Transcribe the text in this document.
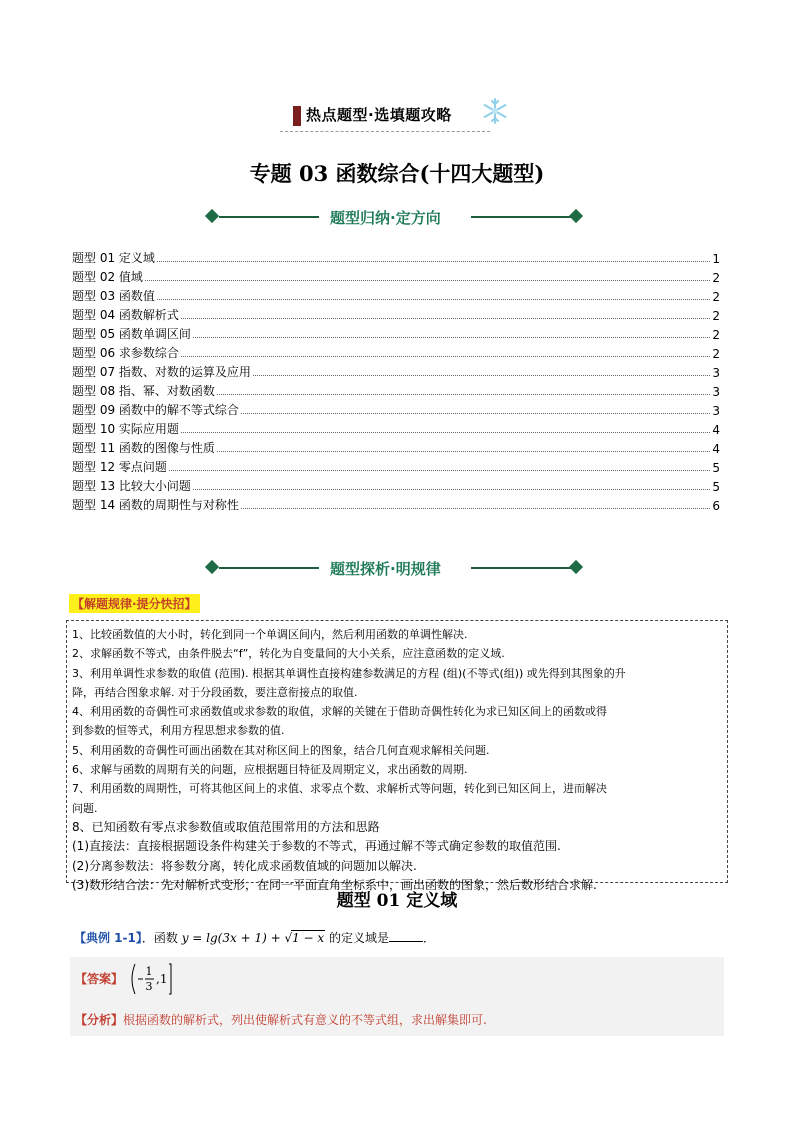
热点题型·选填题攻略
专题 03 函数综合(十四大题型)
题型归纳·定方向
题型 01 定义域	1
题型 02 值域	2
题型 03 函数值	2
题型 04 函数解析式	2
题型 05 函数单调区间	2
题型 06 求参数综合	2
题型 07 指数、对数的运算及应用	3
题型 08 指、幂、对数函数	3
题型 09 函数中的解不等式综合	3
题型 10 实际应用题	4
题型 11 函数的图像与性质	4
题型 12 零点问题	5
题型 13 比较大小问题	5
题型 14 函数的周期性与对称性	6
题型探析·明规律
【解题规律·提分快招】
1、比较函数值的大小时，转化到同一个单调区间内，然后利用函数的单调性解决.
2、求解函数不等式，由条件脱去“f”，转化为自变量间的大小关系，应注意函数的定义域.
3、利用单调性求参数的取值 (范围). 根据其单调性直接构建参数满足的方程 (组)(不等式(组)) 或先得到其图象的升
降，再结合图象求解. 对于分段函数，要注意衔接点的取值.
4、利用函数的奇偶性可求函数值或求参数的取值，求解的关键在于借助奇偶性转化为求已知区间上的函数或得
到参数的恒等式，利用方程思想求参数的值.
5、利用函数的奇偶性可画出函数在其对称区间上的图象，结合几何直观求解相关问题.
6、求解与函数的周期有关的问题，应根据题目特征及周期定义，求出函数的周期.
7、利用函数的周期性，可将其他区间上的求值、求零点个数、求解析式等问题，转化到已知区间上，进而解决
问题.
8、已知函数有零点求参数值或取值范围常用的方法和思路
(1)直接法：直接根据题设条件构建关于参数的不等式，再通过解不等式确定参数的取值范围.
(2)分离参数法：将参数分离，转化成求函数值域的问题加以解决.
(3)数形结合法：先对解析式变形，在同一平面直角坐标系中，画出函数的图象，然后数形结合求解.
题型 01 定义域
【典例 1-1】．函数 y = lg(3x + 1) + √1 − x 的定义域是	．
【答案】
1
3
,1
【分析】根据函数的解析式，列出使解析式有意义的不等式组，求出解集即可.
